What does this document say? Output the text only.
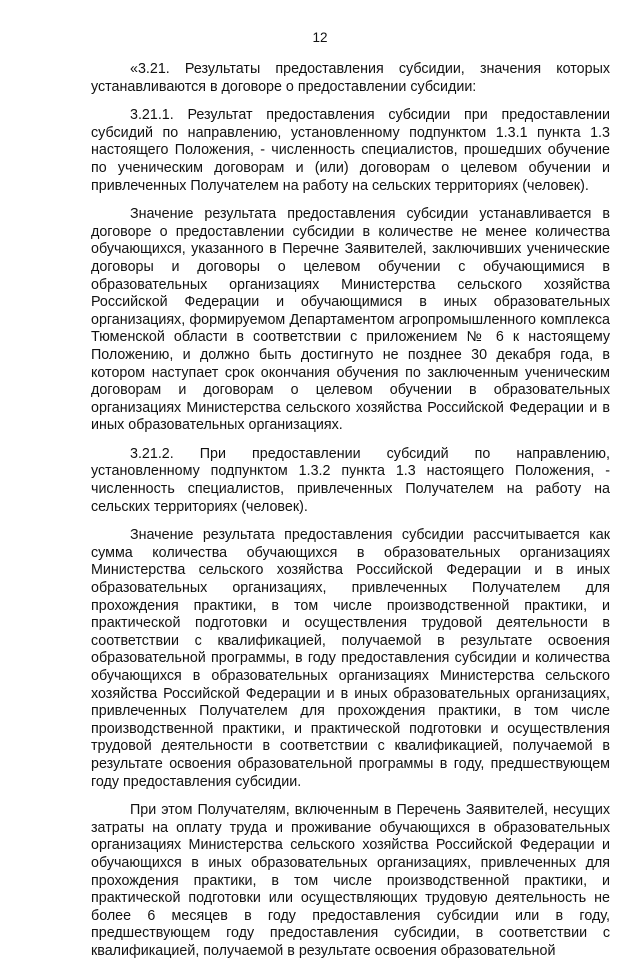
12

«3.21. Результаты предоставления субсидии, значения которых устанавливаются в договоре о предоставлении субсидии:

3.21.1. Результат предоставления субсидии при предоставлении субсидий по направлению, установленному подпунктом 1.3.1 пункта 1.3 настоящего Положения, - численность специалистов, прошедших обучение по ученическим договорам и (или) договорам о целевом обучении и привлеченных Получателем на работу на сельских территориях (человек).

Значение результата предоставления субсидии устанавливается в договоре о предоставлении субсидии в количестве не менее количества обучающихся, указанного в Перечне Заявителей, заключивших ученические договоры и договоры о целевом обучении с обучающимися в образовательных организациях Министерства сельского хозяйства Российской Федерации и обучающимися в иных образовательных организациях, формируемом Департаментом агропромышленного комплекса Тюменской области в соответствии с приложением № 6 к настоящему Положению, и должно быть достигнуто не позднее 30 декабря года, в котором наступает срок окончания обучения по заключенным ученическим договорам и договорам о целевом обучении в образовательных организациях Министерства сельского хозяйства Российской Федерации и в иных образовательных организациях.

3.21.2. При предоставлении субсидий по направлению, установленному подпунктом 1.3.2 пункта 1.3 настоящего Положения, - численность специалистов, привлеченных Получателем на работу на сельских территориях (человек).

Значение результата предоставления субсидии рассчитывается как сумма количества обучающихся в образовательных организациях Министерства сельского хозяйства Российской Федерации и в иных образовательных организациях, привлеченных Получателем для прохождения практики, в том числе производственной практики, и практической подготовки и осуществления трудовой деятельности в соответствии с квалификацией, получаемой в результате освоения образовательной программы, в году предоставления субсидии и количества обучающихся в образовательных организациях Министерства сельского хозяйства Российской Федерации и в иных образовательных организациях, привлеченных Получателем для прохождения практики, в том числе производственной практики, и практической подготовки и осуществления трудовой деятельности в соответствии с квалификацией, получаемой в результате освоения образовательной программы в году, предшествующем году предоставления субсидии.

При этом Получателям, включенным в Перечень Заявителей, несущих затраты на оплату труда и проживание обучающихся в образовательных организациях Министерства сельского хозяйства Российской Федерации и обучающихся в иных образовательных организациях, привлеченных для прохождения практики, в том числе производственной практики, и практической подготовки или осуществляющих трудовую деятельность не более 6 месяцев в году предоставления субсидии или в году, предшествующем году предоставления субсидии, в соответствии с квалификацией, получаемой в результате освоения образовательной
